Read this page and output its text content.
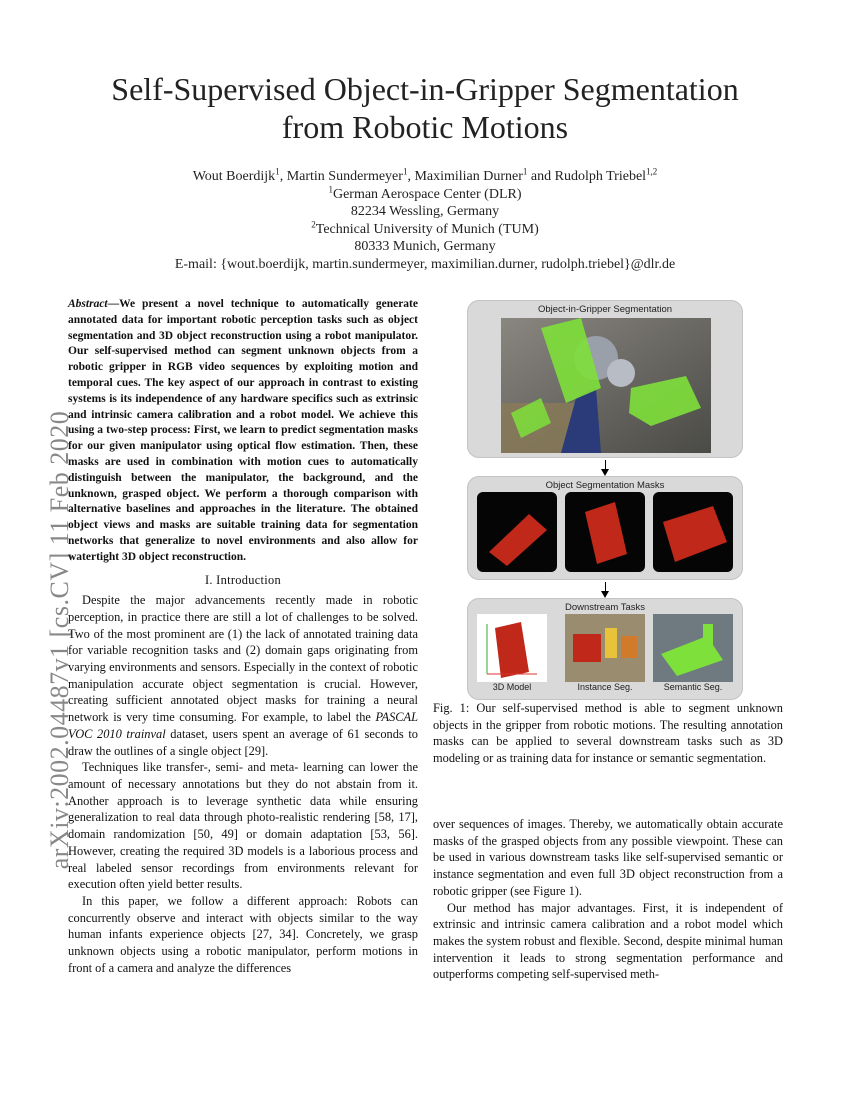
Self-Supervised Object-in-Gripper Segmentation
from Robotic Motions
Wout Boerdijk$^1$, Martin Sundermeyer$^1$, Maximilian Durner$^1$ and Rudolph Triebel$^{1,2}$
$^1$German Aerospace Center (DLR)
82234 Wessling, Germany
$^2$Technical University of Munich (TUM)
80333 Munich, Germany
E-mail: {wout.boerdijk, martin.sundermeyer, maximilian.durner, rudolph.triebel}@dlr.de
arXiv:2002.04487v1 [cs.CV] 11 Feb 2020

Abstract—We present a novel technique to automatically generate annotated data for important robotic perception tasks such as object segmentation and 3D object reconstruction using a robot manipulator. Our self-supervised method can segment unknown objects from a robotic gripper in RGB video sequences by exploiting motion and temporal cues. The key aspect of our approach in contrast to existing systems is its independence of any hardware specifics such as extrinsic and intrinsic camera calibration and a robot model. We achieve this using a two-step process: First, we learn to predict segmentation masks for our given manipulator using optical flow estimation. Then, these masks are used in combination with motion cues to automatically distinguish between the manipulator, the background, and the unknown, grasped object. We perform a thorough comparison with alternative baselines and approaches in the literature. The obtained object views and masks are suitable training data for segmentation networks that generalize to novel environments and also allow for watertight 3D object reconstruction.

I. Introduction

Despite the major advancements recently made in robotic perception, in practice there are still a lot of challenges to be solved. Two of the most prominent are (1) the lack of annotated training data for variable recognition tasks and (2) domain gaps originating from varying environments and sensors. Especially in the context of robotic manipulation accurate object segmentation is crucial. However, creating sufficient annotated object masks for training a neural network is very time consuming. For example, to label the PASCAL VOC 2010 trainval dataset, users spent an average of 61 seconds to draw the outlines of a single object [29].

Techniques like transfer-, semi- and meta- learning can lower the amount of necessary annotations but they do not abstain from it. Another approach is to leverage synthetic data while ensuring generalization to real data through photo-realistic rendering [58, 17], domain randomization [50, 49] or domain adaptation [53, 56]. However, creating the required 3D models is a laborious process and real labeled sensor recordings from environments relevant for execution often yield better results.

In this paper, we follow a different approach: Robots can concurrently observe and interact with objects similar to the way human infants experience objects [27, 34]. Concretely, we grasp unknown objects using a robotic manipulator, perform motions in front of a camera and analyze the differences

Object-in-Gripper Segmentation
Object Segmentation Masks
Downstream Tasks
3D Model	Instance Seg.	Semantic Seg.
Fig. 1: Our self-supervised method is able to segment unknown objects in the gripper from robotic motions. The resulting annotation masks can be applied to several downstream tasks such as 3D modeling or as training data for instance or semantic segmentation.

over sequences of images. Thereby, we automatically obtain accurate masks of the grasped objects from any possible viewpoint. These can be used in various downstream tasks like self-supervised semantic or instance segmentation and even full 3D object reconstruction from a robotic gripper (see Figure 1).

Our method has major advantages. First, it is independent of extrinsic and intrinsic camera calibration and a robot model which makes the system robust and flexible. Second, despite minimal human intervention it leads to strong segmentation performance and outperforms competing self-supervised meth-
